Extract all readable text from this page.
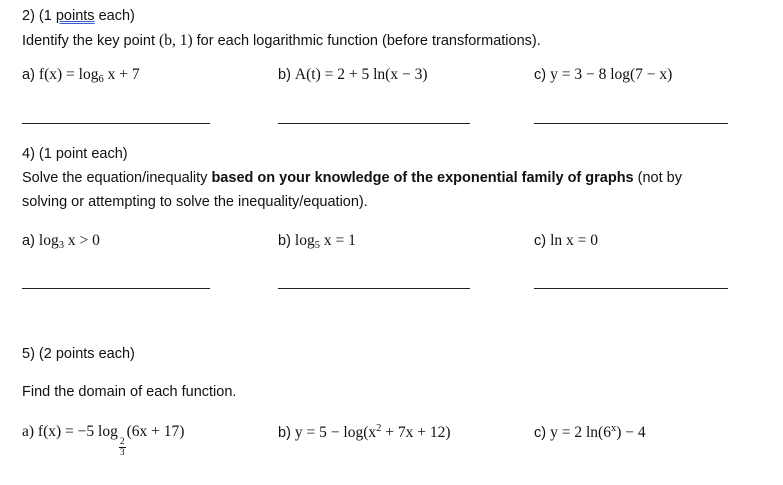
2) (1 points each)
Identify the key point (b, 1) for each logarithmic function (before transformations).
a) $f(x) = \log_6 x + 7$	b) A(t) = 2 + 5 ln(x − 3)	c) y = 3 − 8 log(7 − x)
4) (1 point each)
Solve the equation/inequality based on your knowledge of the exponential family of graphs (not by
solving or attempting to solve the inequality/equation).
a) $\log_3 x > 0$	b) $\log_5 x = 1$	c) ln x = 0
5) (2 points each)
Find the domain of each function.
a) f(x) = −5 log
$\frac{2}{3}$
(6x + 17)	b) $y = 5 - \log(x^2 + 7x + 12)$	c) y = 2 $\ln(6^x) - 4$
